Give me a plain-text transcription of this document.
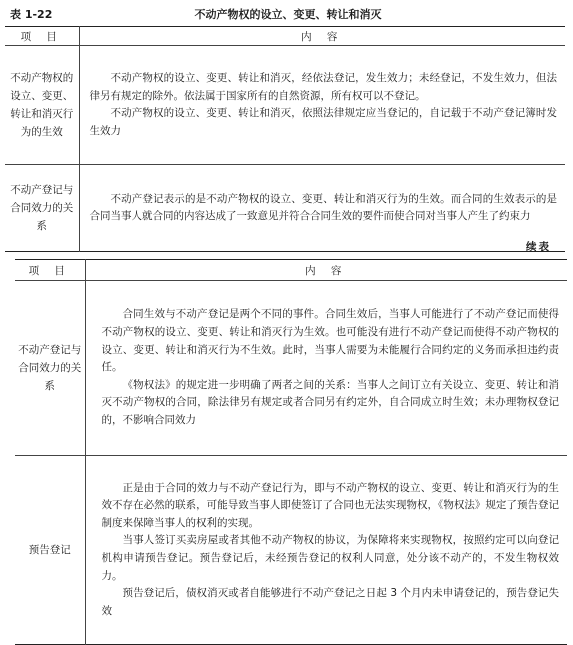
表 1-22	不动产物权的设立、变更、转让和消灭
项 目	内 容
不动产物权的设立、变更、转让和消灭行为的生效	不动产物权的设立、变更、转让和消灭，经依法登记，发生效力；未经登记，不发生效力，但法律另有规定的除外。依法属于国家所有的自然资源，所有权可以不登记。

不动产物权的设立、变更、转让和消灭，依照法律规定应当登记的，自记载于不动产登记簿时发生效力

不动产登记与合同效力的关系	不动产登记表示的是不动产物权的设立、变更、转让和消灭行为的生效。而合同的生效表示的是合同当事人就合同的内容达成了一致意见并符合合同生效的要件而使合同对当事人产生了约束力

续表
项 目	内 容
不动产登记与合同效力的关系	合同生效与不动产登记是两个不同的事件。合同生效后，当事人可能进行了不动产登记而使得不动产物权的设立、变更、转让和消灭行为生效。也可能没有进行不动产登记而使得不动产物权的设立、变更、转让和消灭行为不生效。此时，当事人需要为未能履行合同约定的义务而承担违约责任。

《物权法》的规定进一步明确了两者之间的关系：当事人之间订立有关设立、变更、转让和消灭不动产物权的合同，除法律另有规定或者合同另有约定外，自合同成立时生效；未办理物权登记的，不影响合同效力

预告登记	正是由于合同的效力与不动产登记行为，即与不动产物权的设立、变更、转让和消灭行为的生效不存在必然的联系，可能导致当事人即使签订了合同也无法实现物权，《物权法》规定了预告登记制度来保障当事人的权利的实现。

当事人签订买卖房屋或者其他不动产物权的协议，为保障将来实现物权，按照约定可以向登记机构申请预告登记。预告登记后，未经预告登记的权利人同意，处分该不动产的，不发生物权效力。

预告登记后，债权消灭或者自能够进行不动产登记之日起 3 个月内未申请登记的，预告登记失效
